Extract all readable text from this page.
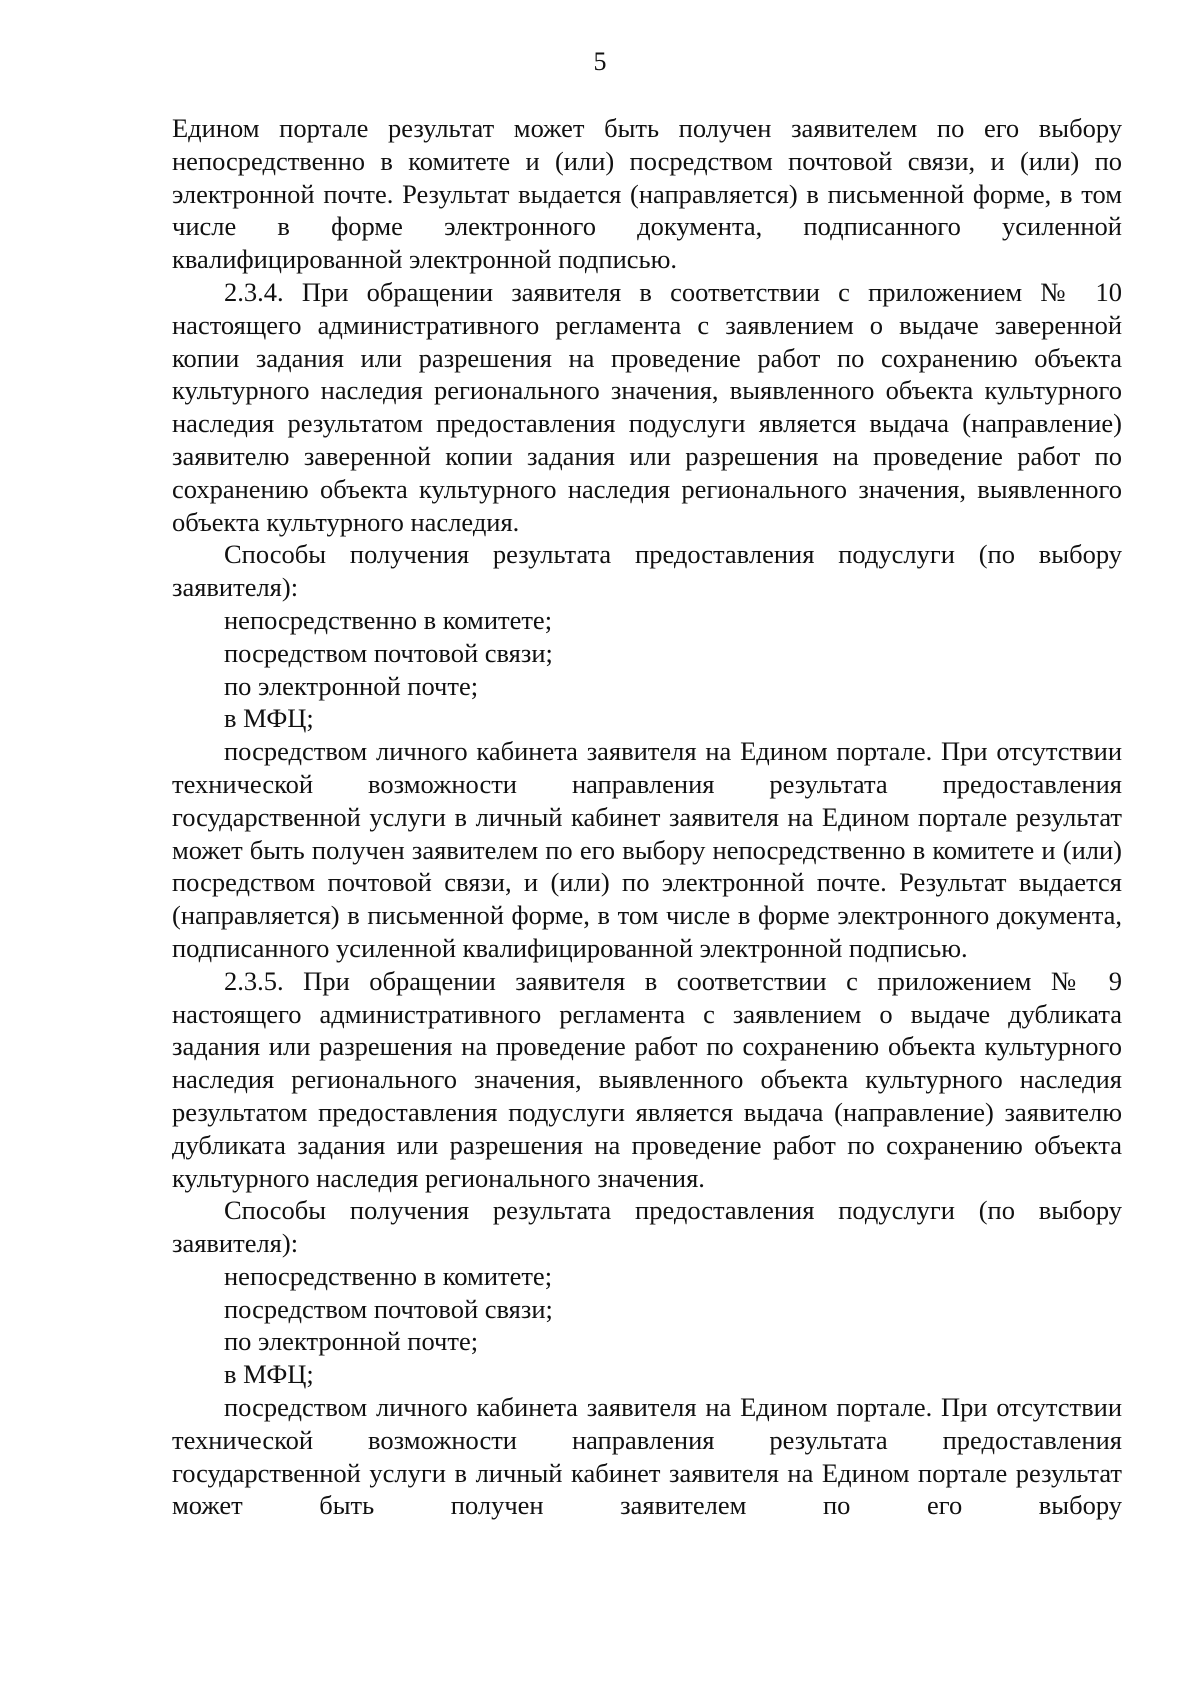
5

Едином портале результат может быть получен заявителем по его выбору непосредственно в комитете и (или) посредством почтовой связи, и (или) по электронной почте. Результат выдается (направляется) в письменной форме, в том числе в форме электронного документа, подписанного усиленной квалифицированной электронной подписью.

2.3.4. При обращении заявителя в соответствии с приложением № 10 настоящего административного регламента с заявлением о выдаче заверенной копии задания или разрешения на проведение работ по сохранению объекта культурного наследия регионального значения, выявленного объекта культурного наследия результатом предоставления подуслуги является выдача (направление) заявителю заверенной копии задания или разрешения на проведение работ по сохранению объекта культурного наследия регионального значения, выявленного объекта культурного наследия.

Способы получения результата предоставления подуслуги (по выбору заявителя):

непосредственно в комитете;

посредством почтовой связи;

по электронной почте;

в МФЦ;

посредством личного кабинета заявителя на Едином портале. При отсутствии технической возможности направления результата предоставления государственной услуги в личный кабинет заявителя на Едином портале результат может быть получен заявителем по его выбору непосредственно в комитете и (или) посредством почтовой связи, и (или) по электронной почте. Результат выдается (направляется) в письменной форме, в том числе в форме электронного документа, подписанного усиленной квалифицированной электронной подписью.

2.3.5. При обращении заявителя в соответствии с приложением № 9 настоящего административного регламента с заявлением о выдаче дубликата задания или разрешения на проведение работ по сохранению объекта культурного наследия регионального значения, выявленного объекта культурного наследия результатом предоставления подуслуги является выдача (направление) заявителю дубликата задания или разрешения на проведение работ по сохранению объекта культурного наследия регионального значения.

Способы получения результата предоставления подуслуги (по выбору заявителя):

непосредственно в комитете;

посредством почтовой связи;

по электронной почте;

в МФЦ;

посредством личного кабинета заявителя на Едином портале. При отсутствии технической возможности направления результата предоставления государственной услуги в личный кабинет заявителя на Едином портале результат может быть получен заявителем по его выбору
